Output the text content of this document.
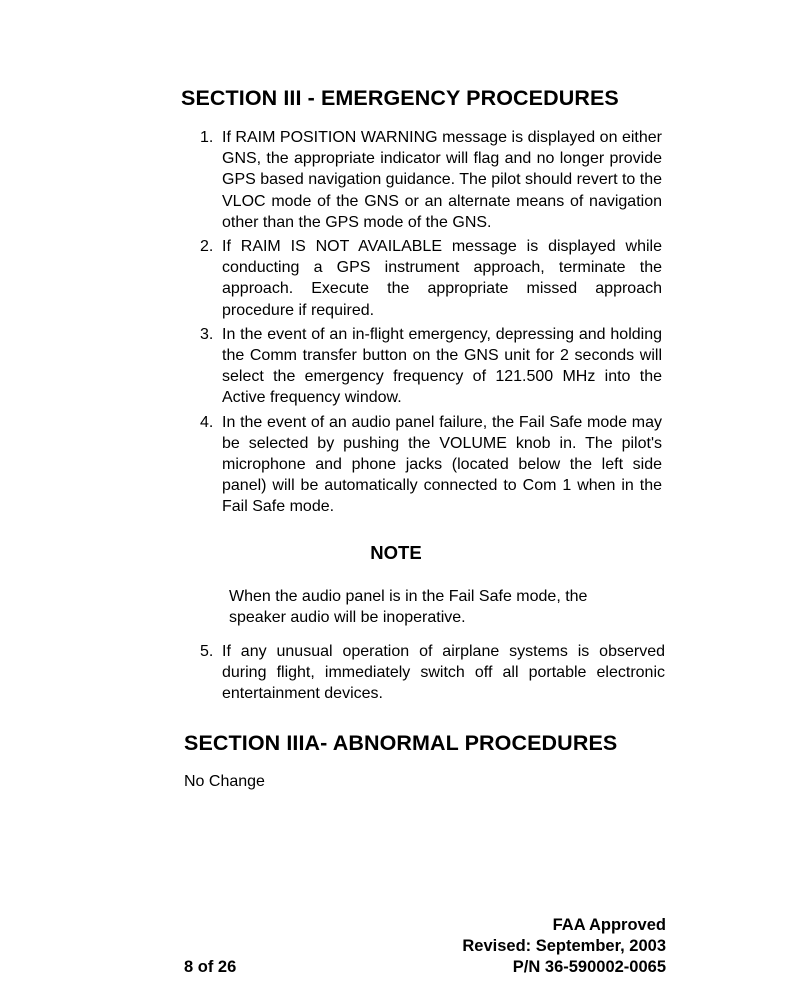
SECTION III - EMERGENCY PROCEDURES
1. If RAIM POSITION WARNING message is displayed on either GNS, the appropriate indicator will flag and no longer provide GPS based navigation guidance. The pilot should revert to the VLOC mode of the GNS or an alternate means of navigation other than the GPS mode of the GNS.
2. If RAIM IS NOT AVAILABLE message is displayed while conducting a GPS instrument approach, terminate the approach. Execute the appropriate missed approach procedure if required.
3. In the event of an in-flight emergency, depressing and holding the Comm transfer button on the GNS unit for 2 seconds will select the emergency frequency of 121.500 MHz into the Active frequency window.
4. In the event of an audio panel failure, the Fail Safe mode may be selected by pushing the VOLUME knob in. The pilot's microphone and phone jacks (located below the left side panel) will be automatically connected to Com 1 when in the Fail Safe mode.
NOTE

When the audio panel is in the Fail Safe mode, the speaker audio will be inoperative.

5. If any unusual operation of airplane systems is observed during flight, immediately switch off all portable electronic entertainment devices.
SECTION IIIA- ABNORMAL PROCEDURES

No Change

FAA Approved
Revised: September, 2003
P/N 36-590002-0065
8 of 26
